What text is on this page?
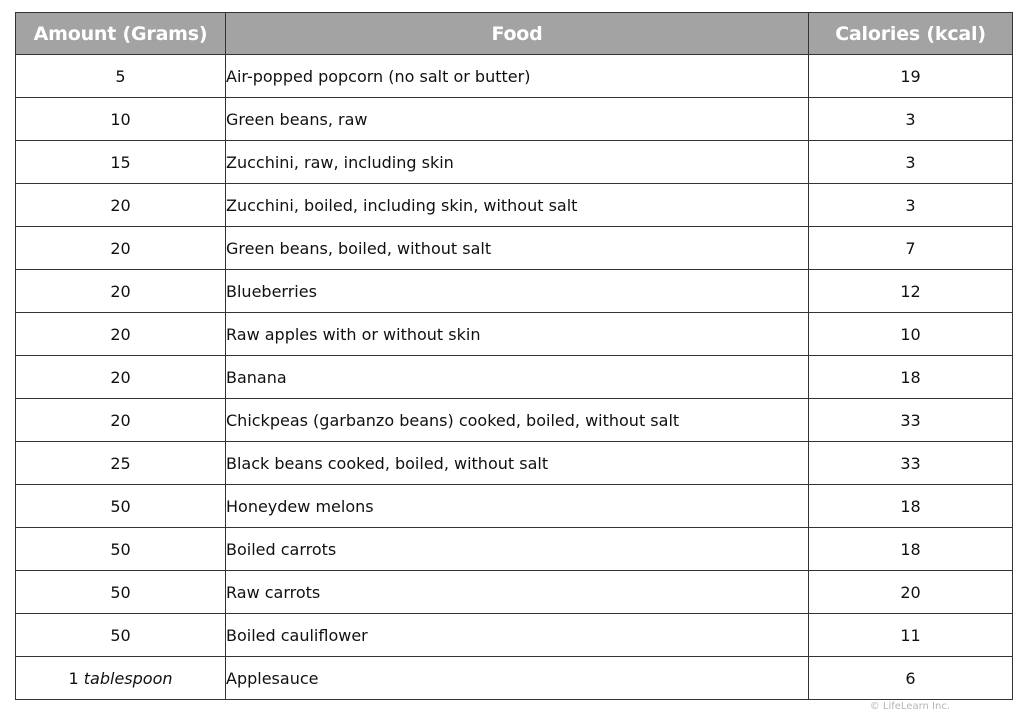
Amount (Grams)	Food	Calories (kcal)
5	Air-popped popcorn (no salt or butter)	19
10	Green beans, raw	3
15	Zucchini, raw, including skin	3
20	Zucchini, boiled, including skin, without salt	3
20	Green beans, boiled, without salt	7
20	Blueberries	12
20	Raw apples with or without skin	10
20	Banana	18
20	Chickpeas (garbanzo beans) cooked, boiled, without salt	33
25	Black beans cooked, boiled, without salt	33
50	Honeydew melons	18
50	Boiled carrots	18
50	Raw carrots	20
50	Boiled cauliflower	11
1 tablespoon	Applesauce	6
© LifeLearn Inc.
